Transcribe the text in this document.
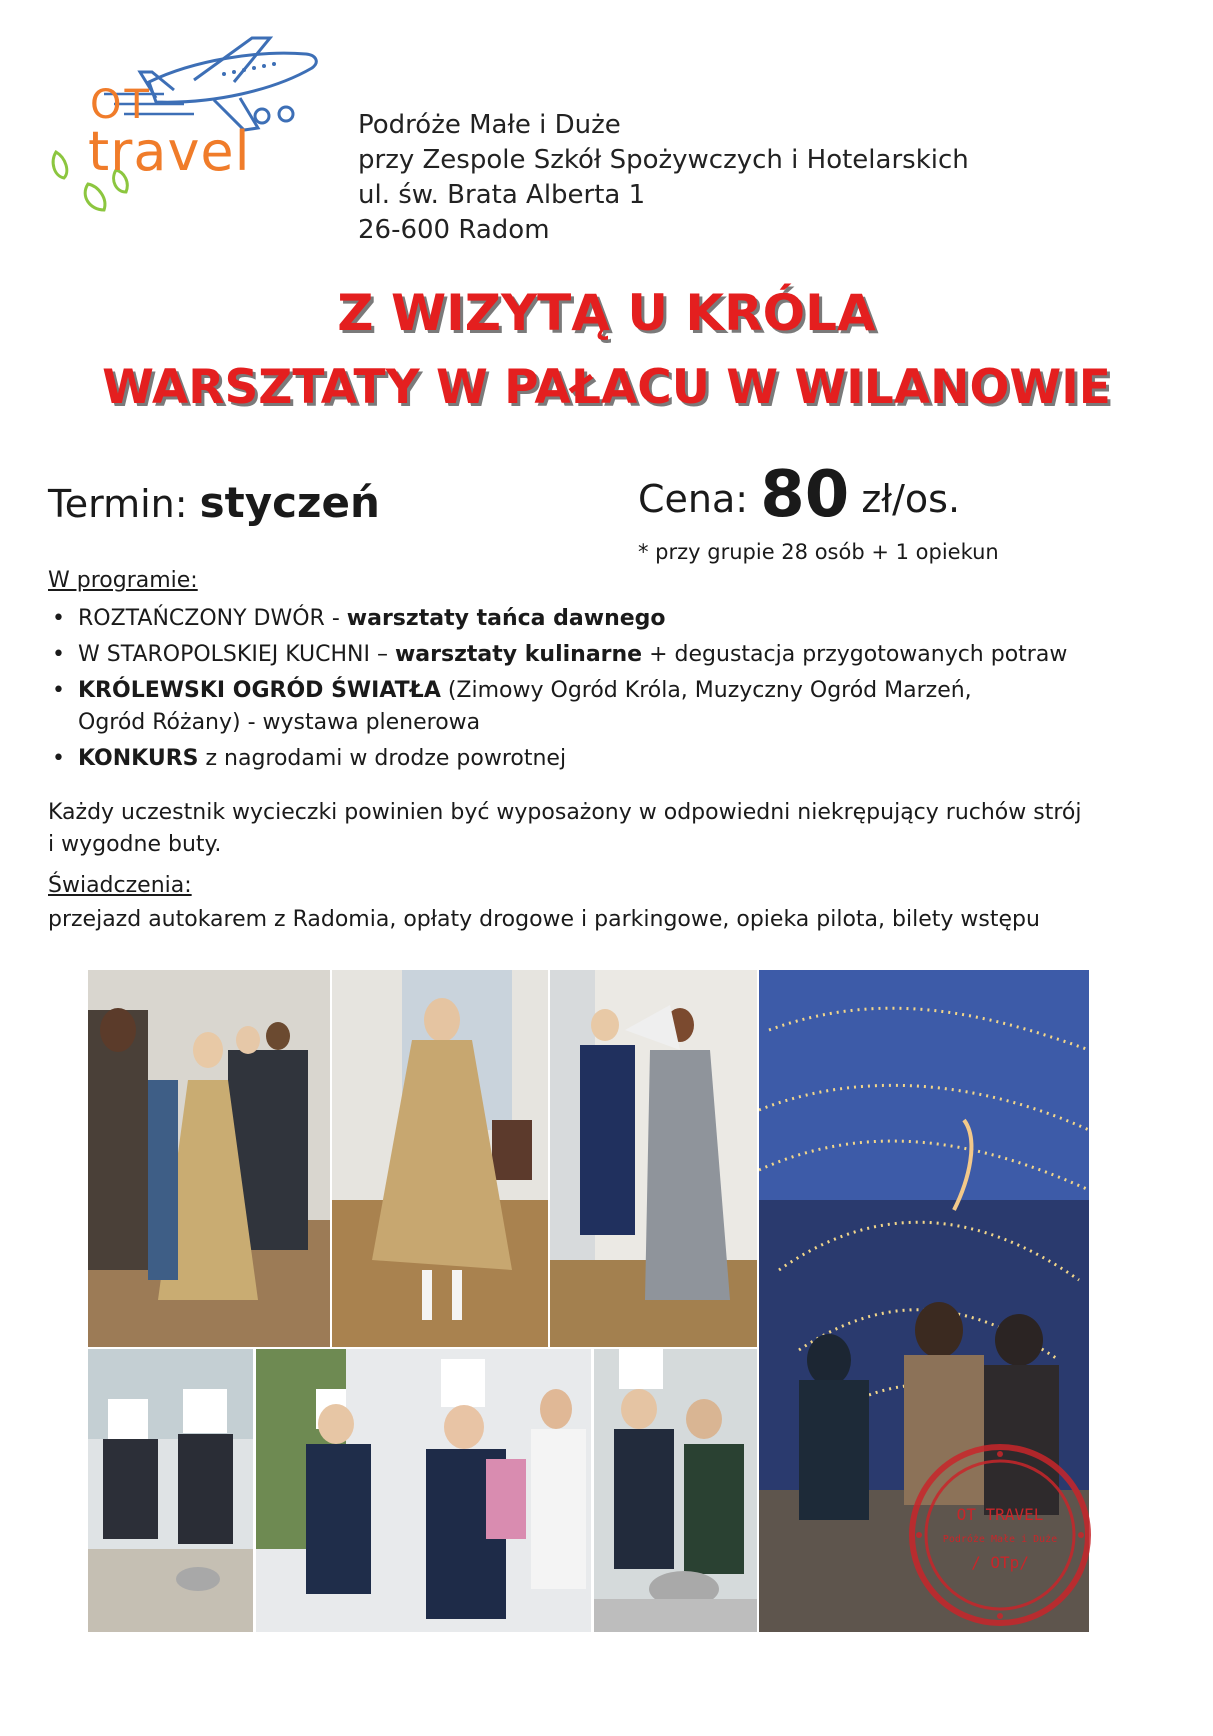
OT
travel	Podróże Małe i Duże
przy Zespole Szkół Spożywczych i Hotelarskich
ul. św. Brata Alberta 1
26-600 Radom
Z WIZYTĄ U KRÓLA
WARSZTATY W PAŁACU W WILANOWIE
Termin: styczeń	Cena: 80 zł/os.
* przy grupie 28 osób + 1 opiekun
W programie:
• ROZTAŃCZONY DWÓR - warsztaty tańca dawnego
• W STAROPOLSKIEJ KUCHNI – warsztaty kulinarne + degustacja przygotowanych potraw
• KRÓLEWSKI OGRÓD ŚWIATŁA (Zimowy Ogród Króla, Muzyczny Ogród Marzeń,
Ogród Różany) - wystawa plenerowa
• KONKURS z nagrodami w drodze powrotnej
Każdy uczestnik wycieczki powinien być wyposażony w odpowiedni niekrępujący ruchów strój
i wygodne buty.
Świadczenia:
przejazd autokarem z Radomia, opłaty drogowe i parkingowe, opieka pilota, bilety wstępu
OT TRAVEL
Podróże Małe i Duże
/ OTp/
